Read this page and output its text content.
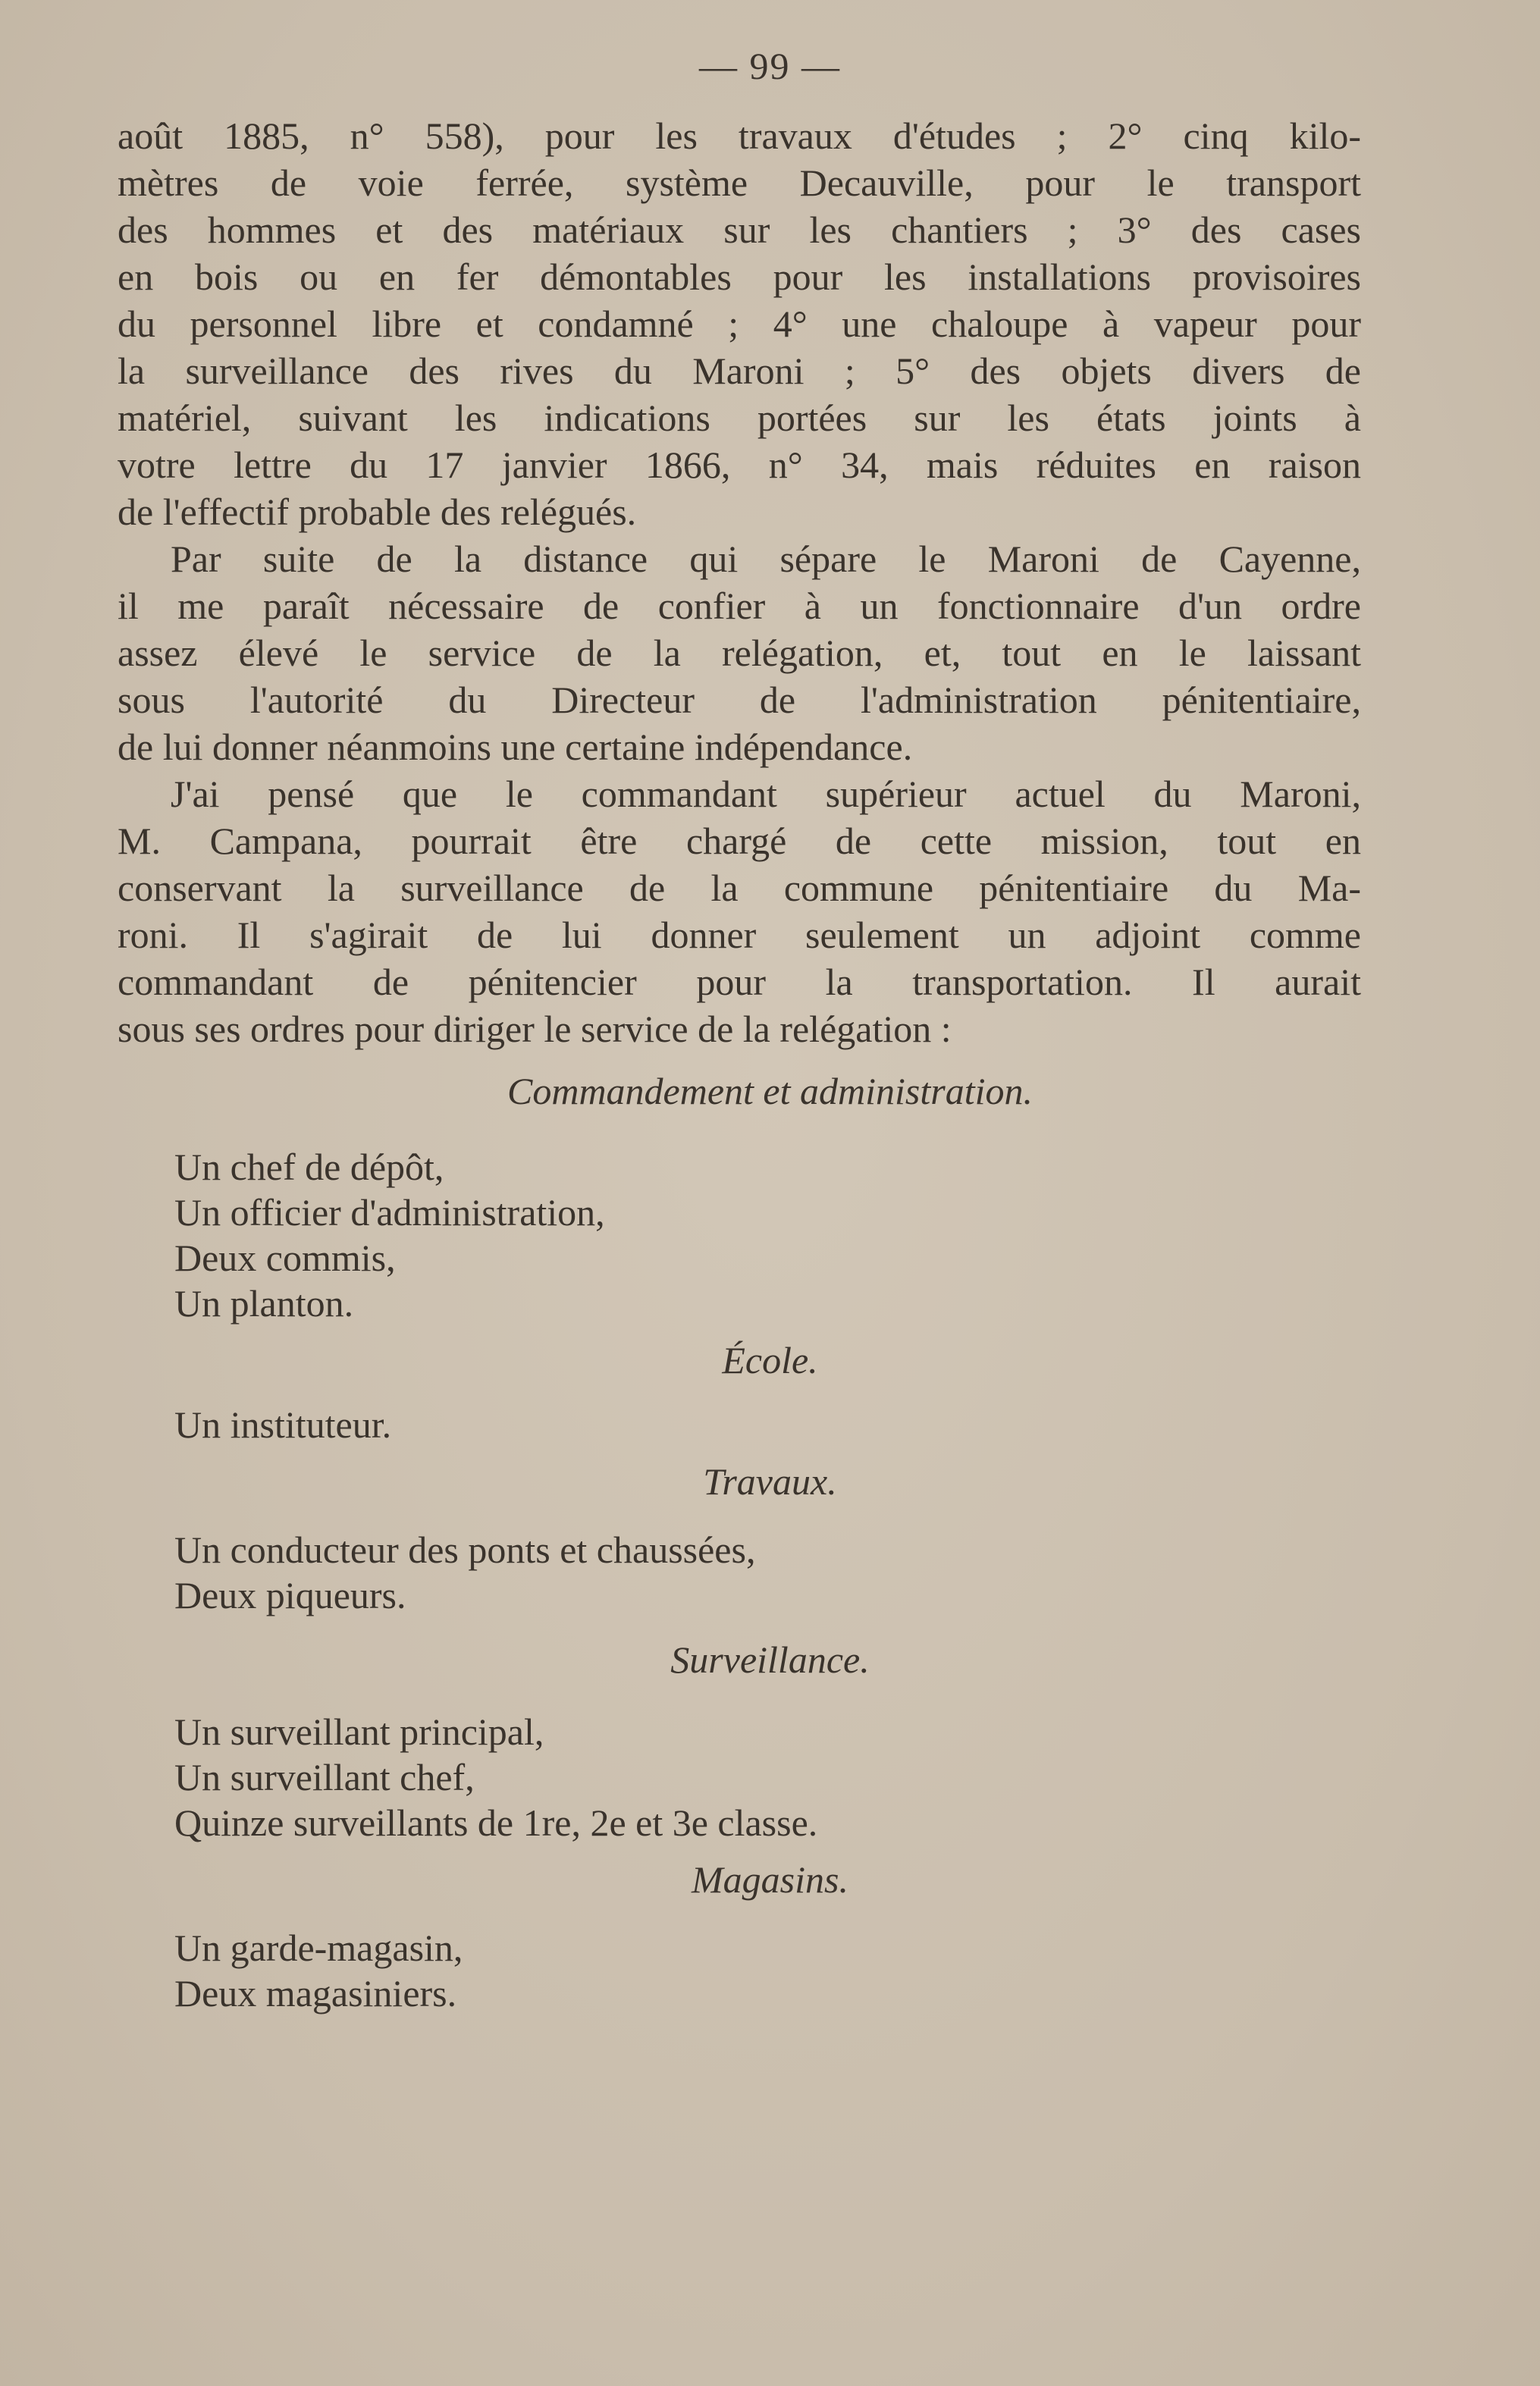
— 99 —
août 1885, n° 558), pour les travaux d'études ; 2° cinq kilo-
mètres de voie ferrée, système Decauville, pour le transport
des hommes et des matériaux sur les chantiers ; 3° des cases
en bois ou en fer démontables pour les installations provisoires
du personnel libre et condamné ; 4° une chaloupe à vapeur pour
la surveillance des rives du Maroni ; 5° des objets divers de
matériel, suivant les indications portées sur les états joints à
votre lettre du 17 janvier 1866, n° 34, mais réduites en raison
de l'effectif probable des relégués.
Par suite de la distance qui sépare le Maroni de Cayenne,
il me paraît nécessaire de confier à un fonctionnaire d'un ordre
assez élevé le service de la relégation, et, tout en le laissant
sous l'autorité du Directeur de l'administration pénitentiaire,
de lui donner néanmoins une certaine indépendance.
J'ai pensé que le commandant supérieur actuel du Maroni,
M. Campana, pourrait être chargé de cette mission, tout en
conservant la surveillance de la commune pénitentiaire du Ma-
roni. Il s'agirait de lui donner seulement un adjoint comme
commandant de pénitencier pour la transportation. Il aurait
sous ses ordres pour diriger le service de la relégation :
Commandement et administration.
Un chef de dépôt,
Un officier d'administration,
Deux commis,
Un planton.
École.
Un instituteur.
Travaux.
Un conducteur des ponts et chaussées,
Deux piqueurs.
Surveillance.
Un surveillant principal,
Un surveillant chef,
Quinze surveillants de 1re, 2e et 3e classe.
Magasins.
Un garde-magasin,
Deux magasiniers.
